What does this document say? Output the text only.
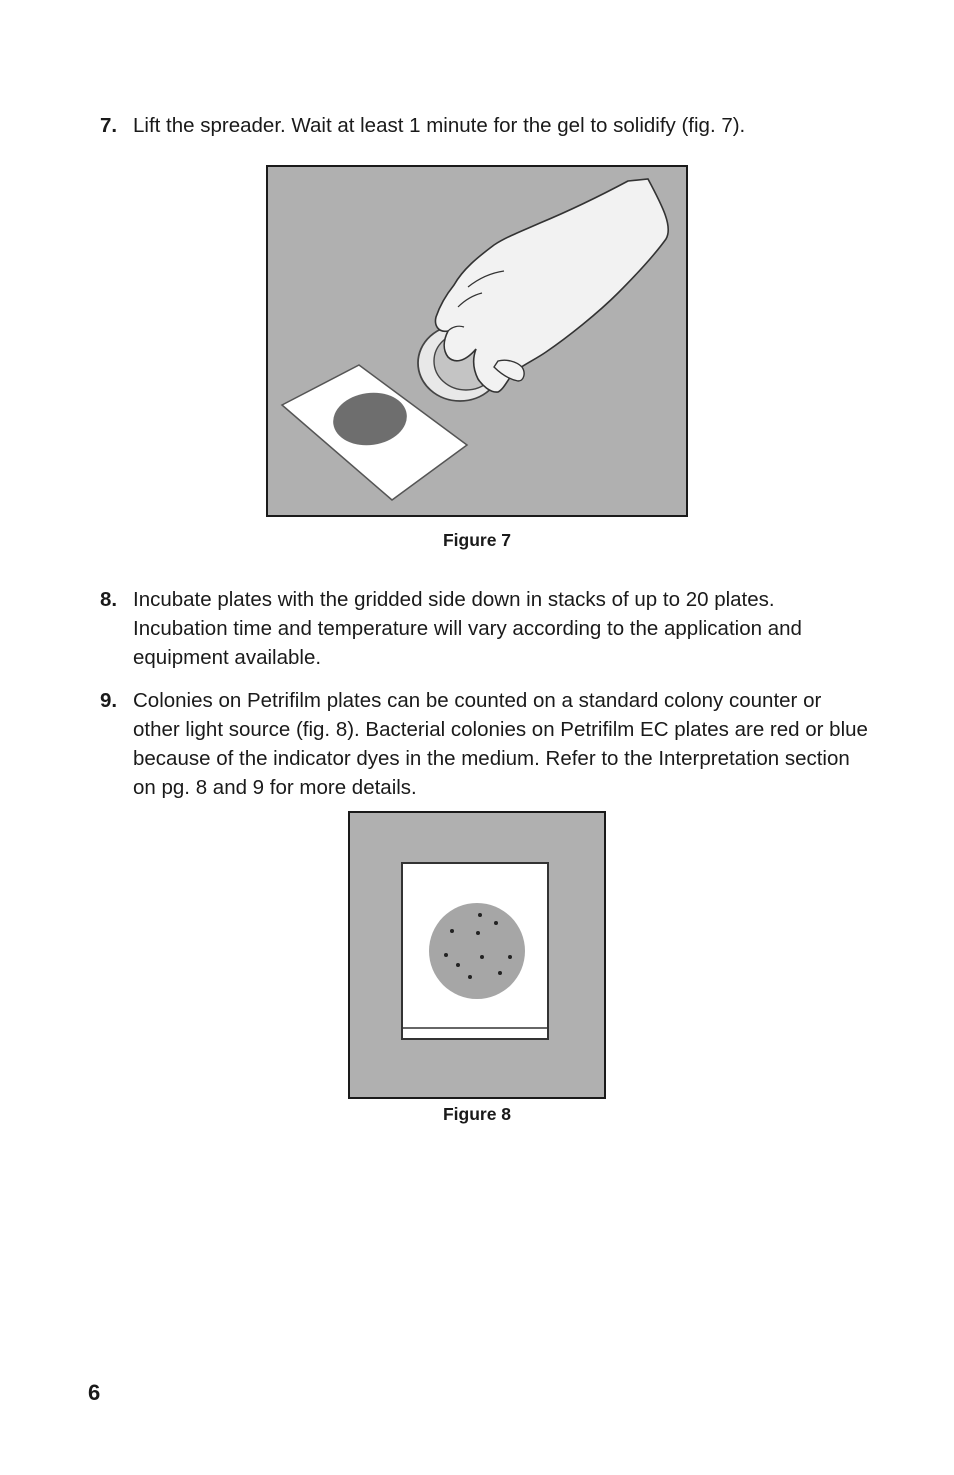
7. Lift the spreader. Wait at least 1 minute for the gel to solidify (fig. 7).
Figure 7
8. Incubate plates with the gridded side down in stacks of up to 20 plates. Incubation time and temperature will vary according to the application and equipment available.
9. Colonies on Petrifilm plates can be counted on a standard colony counter or other light source (fig. 8). Bacterial colonies on Petrifilm EC plates are red or blue because of the indicator dyes in the medium. Refer to the Interpretation section on pg. 8 and 9 for more details.
Figure 8
6
